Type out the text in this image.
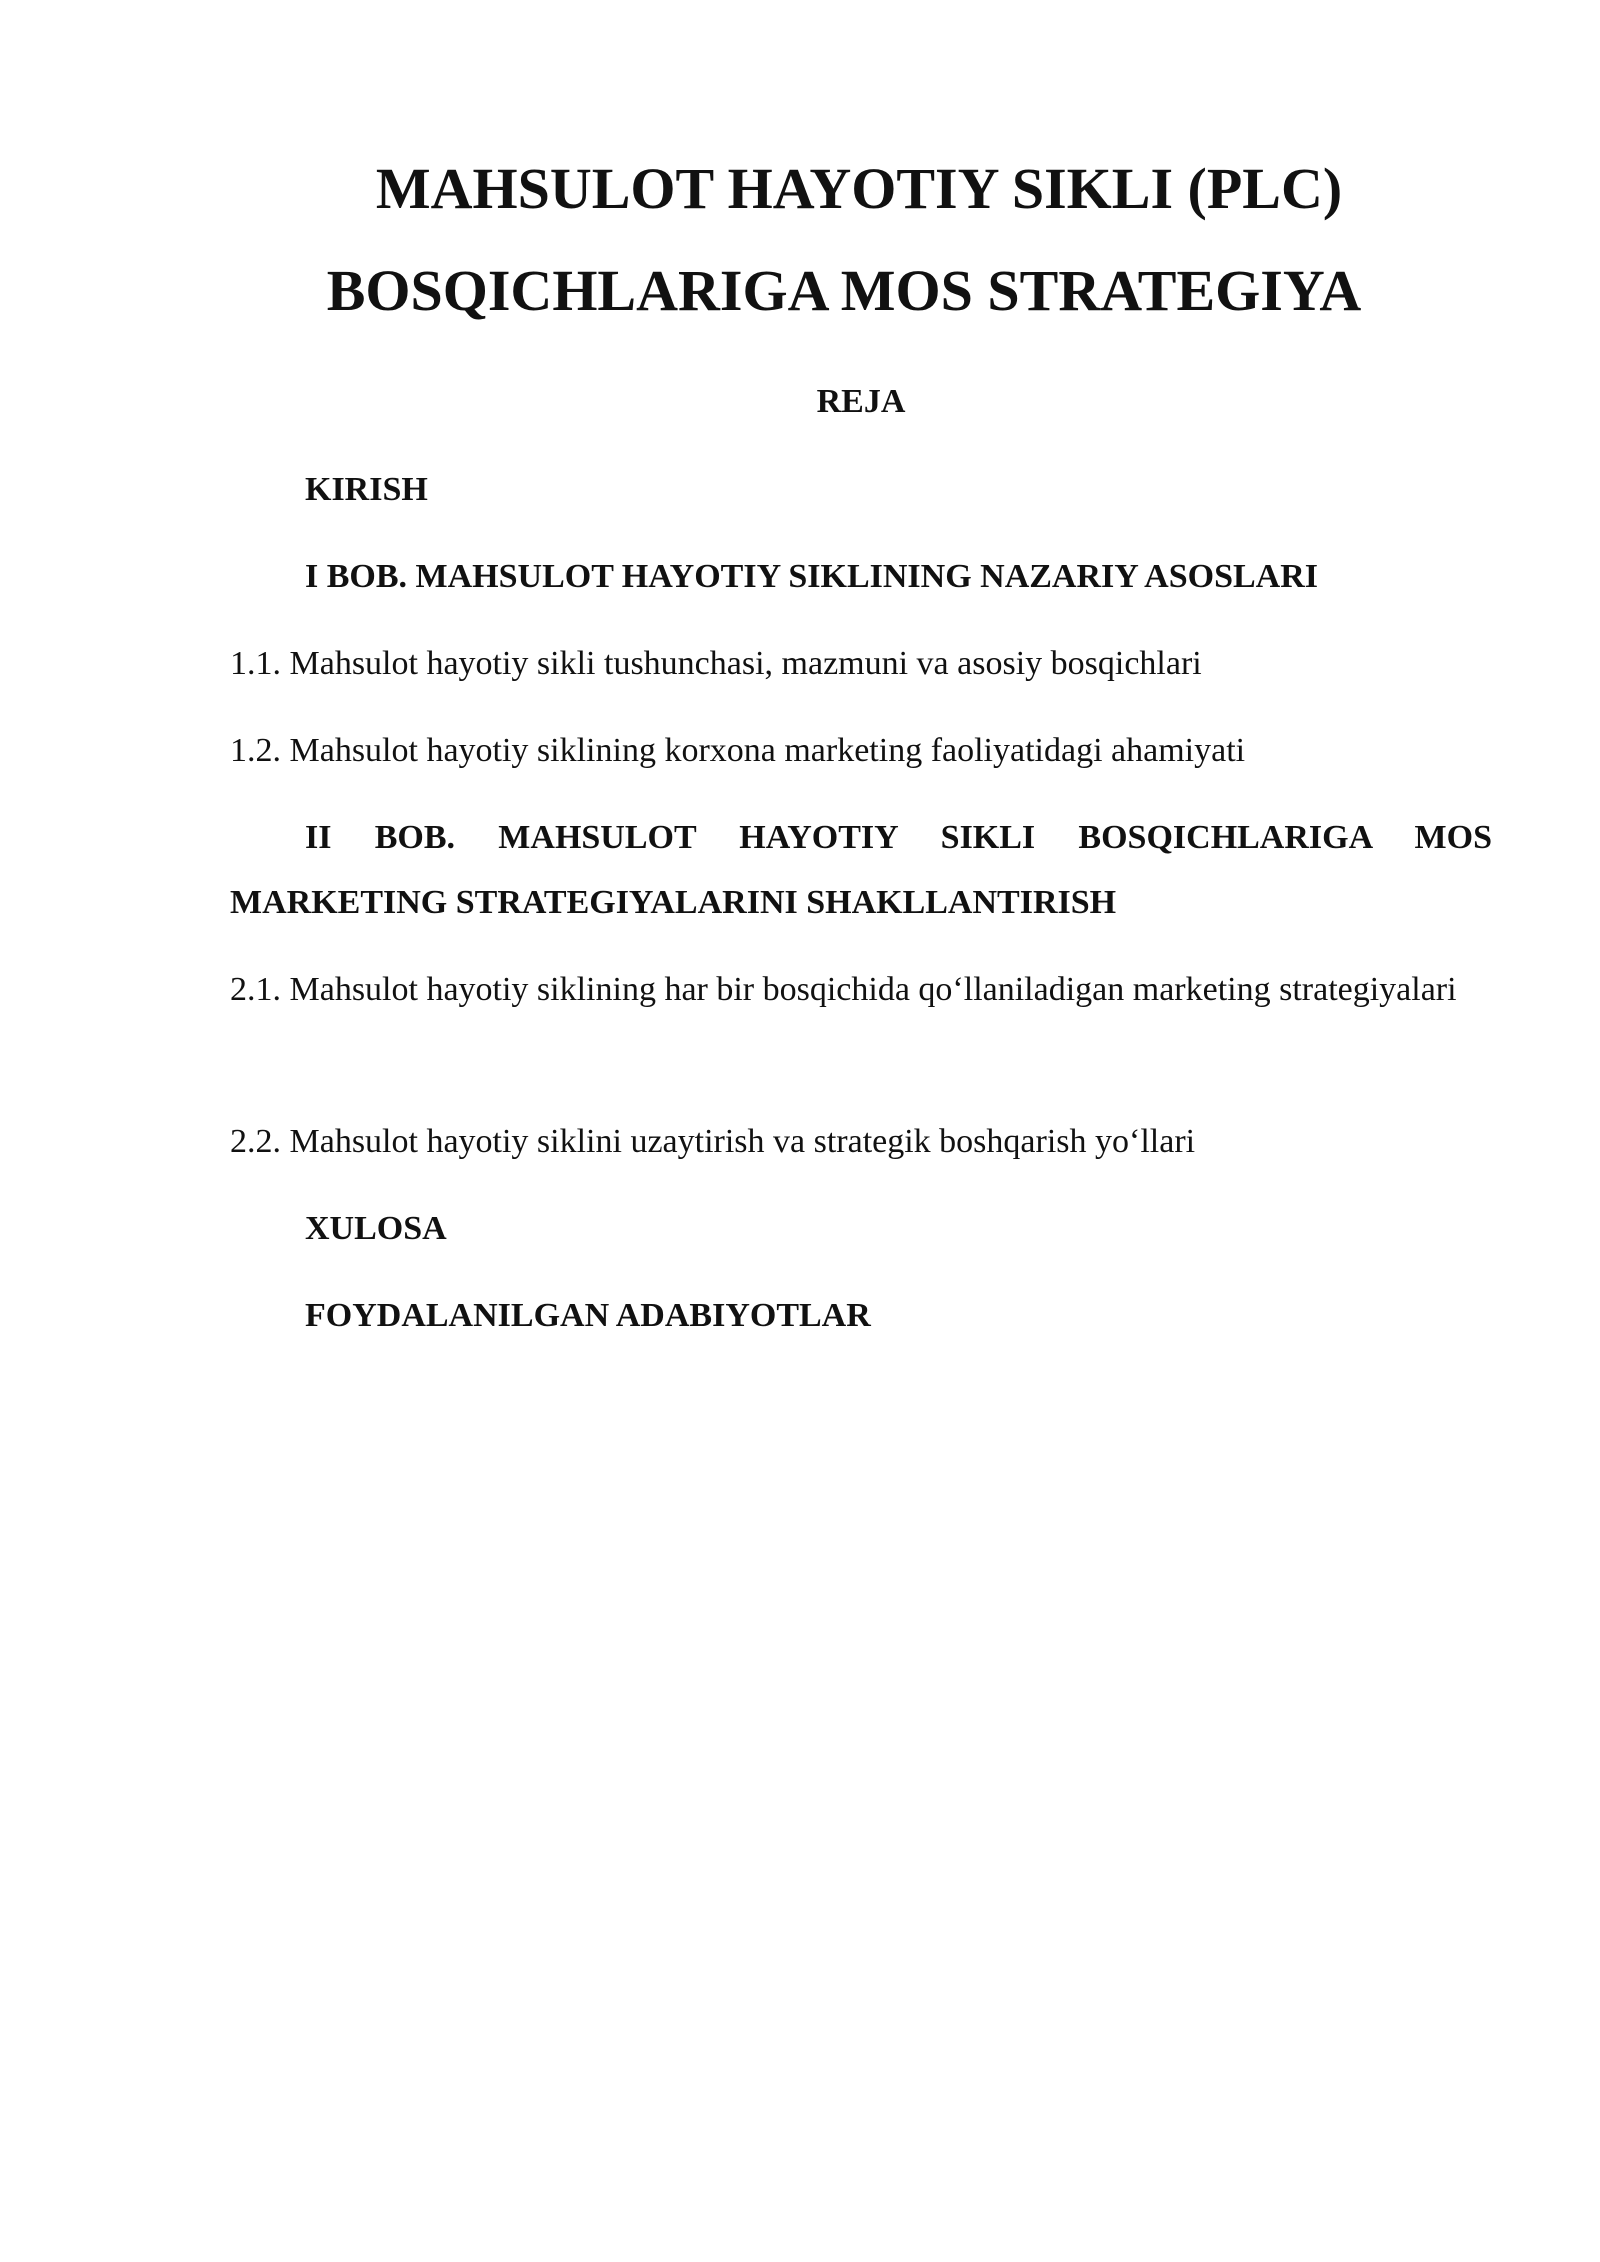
MAHSULOT HAYOTIY SIKLI (PLC)
BOSQICHLARIGA MOS STRATEGIYA
REJA
KIRISH
I BOB. MAHSULOT HAYOTIY SIKLINING NAZARIY ASOSLARI
1.1. Mahsulot hayotiy sikli tushunchasi, mazmuni va asosiy bosqichlari
1.2. Mahsulot hayotiy siklining korxona marketing faoliyatidagi ahamiyati
II BOB. MAHSULOT HAYOTIY SIKLI BOSQICHLARIGA MOS MARKETING STRATEGIYALARINI SHAKLLANTIRISH
2.1. Mahsulot hayotiy siklining har bir bosqichida qo‘llaniladigan marketing strategiyalari
2.2. Mahsulot hayotiy siklini uzaytirish va strategik boshqarish yo‘llari
XULOSA
FOYDALANILGAN ADABIYOTLAR
